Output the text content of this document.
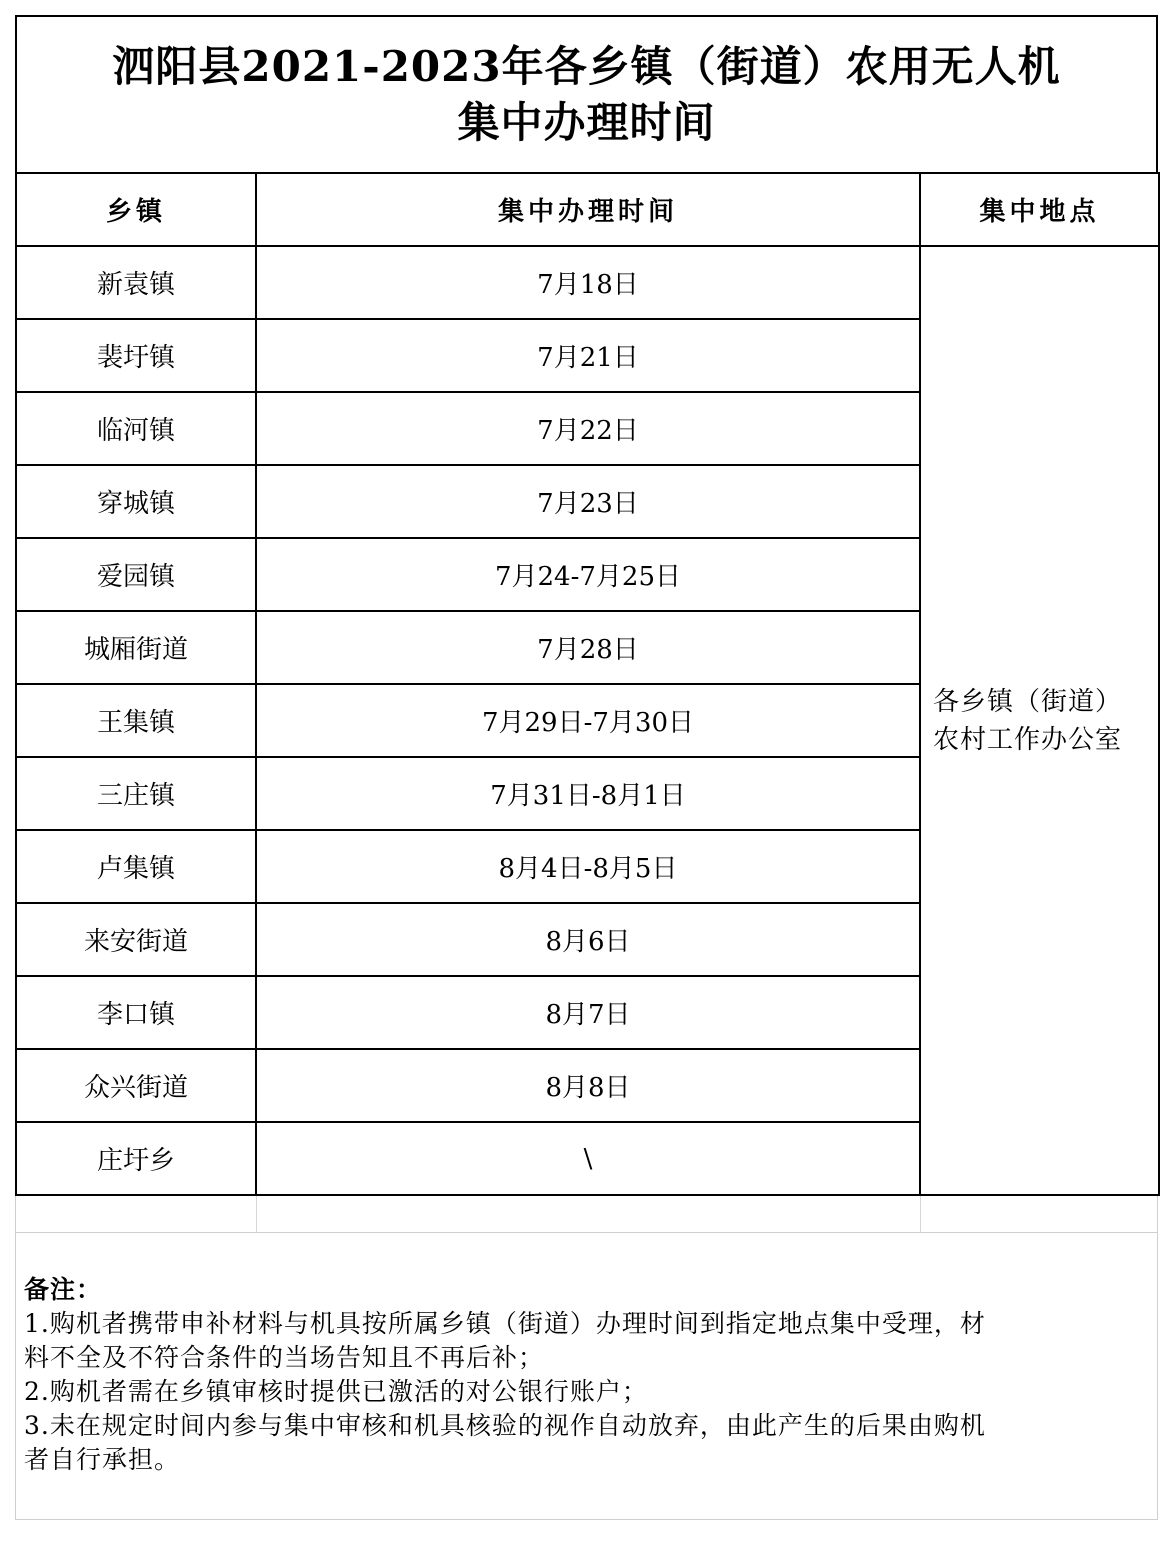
泗阳县2021-2023年各乡镇（街道）农用无人机
集中办理时间
乡镇	集中办理时间	集中地点
新袁镇	7月18日	各乡镇（街道）
农村工作办公室

裴圩镇	7月21日	
临河镇	7月22日	
穿城镇	7月23日	
爱园镇	7月24-7月25日	
城厢街道	7月28日	
王集镇	7月29日-7月30日	
三庄镇	7月31日-8月1日	
卢集镇	8月4日-8月5日	
来安街道	8月6日	
李口镇	8月7日	
众兴街道	8月8日	
庄圩乡	\	
备注：
1.购机者携带申补材料与机具按所属乡镇（街道）办理时间到指定地点集中受理，材
料不全及不符合条件的当场告知且不再后补；
2.购机者需在乡镇审核时提供已激活的对公银行账户；
3.未在规定时间内参与集中审核和机具核验的视作自动放弃，由此产生的后果由购机
者自行承担。
